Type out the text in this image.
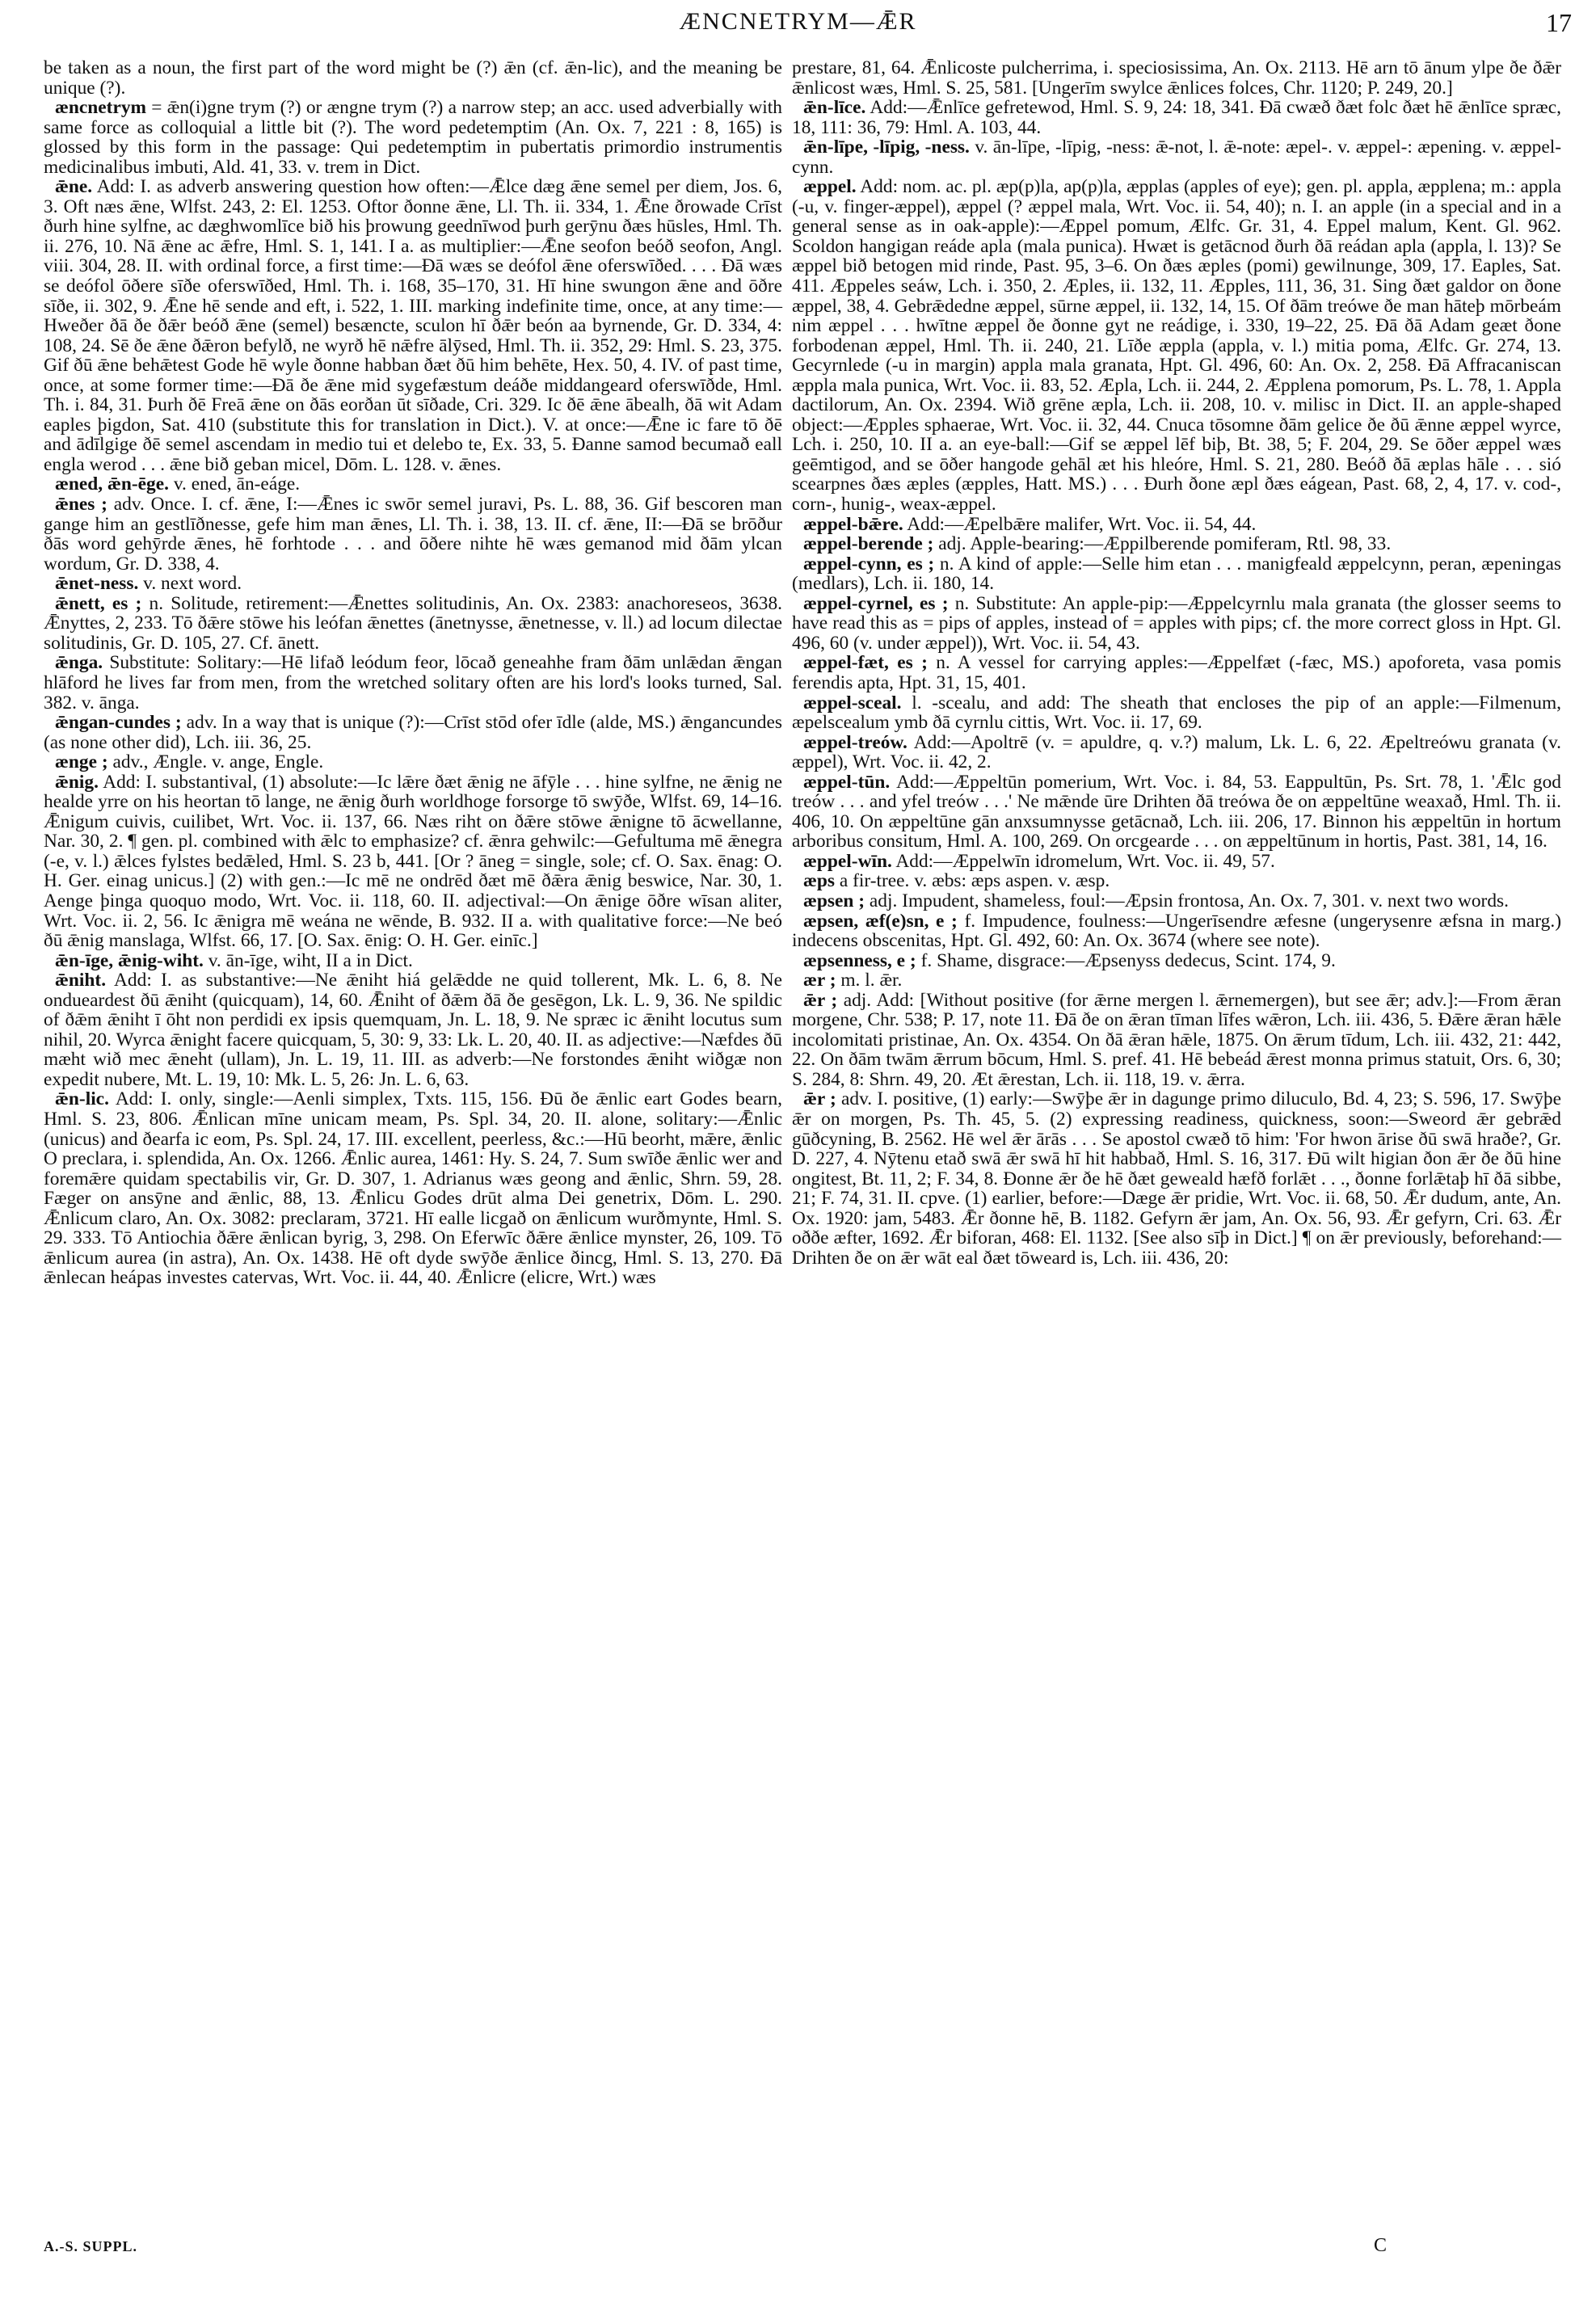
ÆNCNETRYM—ǢR	17

be taken as a noun, the first part of the word might be (?) ǣn (cf. ǣn-lic), and the meaning be unique (?).

æncnetrym = ǣn(i)gne trym (?) or ængne trym (?) a narrow step; an acc. used adverbially with same force as colloquial a little bit (?). The word pedetemptim (An. Ox. 7, 221 : 8, 165) is glossed by this form in the passage: Qui pedetemptim in pubertatis primordio instrumentis medicinalibus imbuti, Ald. 41, 33. v. trem in Dict.

ǣne. Add: I. as adverb answering question how often:—Ǣlce dæg ǣne semel per diem, Jos. 6, 3. Oft næs ǣne, Wlfst. 243, 2: El. 1253. Oftor ðonne ǣne, Ll. Th. ii. 334, 1. Ǣne ðrowade Crīst ðurh hine sylfne, ac dæghwomlīce bið his þrowung geednīwod þurh gerȳnu ðæs hūsles, Hml. Th. ii. 276, 10. Nā ǣne ac ǣfre, Hml. S. 1, 141. I a. as multiplier:—Ǣne seofon beóð seofon, Angl. viii. 304, 28. II. with ordinal force, a first time:—Ðā wæs se deófol ǣne oferswīðed. . . . Ðā wæs se deófol ōðere sīðe oferswīðed, Hml. Th. i. 168, 35–170, 31. Hī hine swungon ǣne and ōðre sīðe, ii. 302, 9. Ǣne hē sende and eft, i. 522, 1. III. marking indefinite time, once, at any time:—Hweðer ðā ðe ðǣr beóð ǣne (semel) besæncte, sculon hī ðǣr beón aa byrnende, Gr. D. 334, 4: 108, 24. Sē ðe ǣne ðǣron befylð, ne wyrð hē nǣfre ālȳsed, Hml. Th. ii. 352, 29: Hml. S. 23, 375. Gif ðū ǣne behǣtest Gode hē wyle ðonne habban ðæt ðū him behēte, Hex. 50, 4. IV. of past time, once, at some former time:—Ðā ðe ǣne mid sygefæstum deáðe middangeard oferswīðde, Hml. Th. i. 84, 31. Þurh ðē Freā ǣne on ðās eorðan ūt sīðade, Cri. 329. Ic ðē ǣne ābealh, ðā wit Adam eaples þigdon, Sat. 410 (substitute this for translation in Dict.). V. at once:—Ǣne ic fare tō ðē and ādīlgige ðē semel ascendam in medio tui et delebo te, Ex. 33, 5. Ðanne samod becumað eall engla werod . . . ǣne bið geban micel, Dōm. L. 128. v. ǣnes.

æned, ǣn-ēge. v. ened, ān-eáge.

ǣnes ; adv. Once. I. cf. ǣne, I:—Ǣnes ic swōr semel juravi, Ps. L. 88, 36. Gif bescoren man gange him an gestlīðnesse, gefe him man ǣnes, Ll. Th. i. 38, 13. II. cf. ǣne, II:—Ðā se brōður ðās word gehȳrde ǣnes, hē forhtode . . . and ōðere nihte hē wæs gemanod mid ðām ylcan wordum, Gr. D. 338, 4.

ǣnet-ness. v. next word.

ǣnett, es ; n. Solitude, retirement:—Ǣnettes solitudinis, An. Ox. 2383: anachoreseos, 3638. Ǣnyttes, 2, 233. Tō ðǣre stōwe his leófan ǣnettes (ānetnysse, ǣnetnesse, v. ll.) ad locum dilectae solitudinis, Gr. D. 105, 27. Cf. ānett.

ǣnga. Substitute: Solitary:—Hē lifað leódum feor, lōcað geneahhe fram ðām unlǣdan ǣngan hlāford he lives far from men, from the wretched solitary often are his lord's looks turned, Sal. 382. v. ānga.

ǣngan-cundes ; adv. In a way that is unique (?):—Crīst stōd ofer īdle (alde, MS.) ǣngancundes (as none other did), Lch. iii. 36, 25.

ænge ; adv., Ængle. v. ange, Engle.

ǣnig. Add: I. substantival, (1) absolute:—Ic lǣre ðæt ǣnig ne āfȳle . . . hine sylfne, ne ǣnig ne healde yrre on his heortan tō lange, ne ǣnig ðurh worldhoge forsorge tō swȳðe, Wlfst. 69, 14–16. Ǣnigum cuivis, cuilibet, Wrt. Voc. ii. 137, 66. Næs riht on ðǣre stōwe ǣnigne tō ācwellanne, Nar. 30, 2. ¶ gen. pl. combined with ǣlc to emphasize? cf. ǣnra gehwilc:—Gefultuma mē ǣnegra (-e, v. l.) ǣlces fylstes bedǣled, Hml. S. 23 b, 441. [Or ? āneg = single, sole; cf. O. Sax. ēnag: O. H. Ger. einag unicus.] (2) with gen.:—Ic mē ne ondrēd ðæt mē ðǣra ǣnig beswice, Nar. 30, 1. Aenge þinga quoquo modo, Wrt. Voc. ii. 118, 60. II. adjectival:—On ǣnige ōðre wīsan aliter, Wrt. Voc. ii. 2, 56. Ic ǣnigra mē weána ne wēnde, B. 932. II a. with qualitative force:—Ne beó ðū ǣnig manslaga, Wlfst. 66, 17. [O. Sax. ēnig: O. H. Ger. einīc.]

ǣn-īge, ǣnig-wiht. v. ān-īge, wiht, II a in Dict.

ǣniht. Add: I. as substantive:—Ne ǣniht hiá gelǣdde ne quid tollerent, Mk. L. 6, 8. Ne ondueardest ðū ǣniht (quicquam), 14, 60. Ǣniht of ðǣm ðā ðe gesēgon, Lk. L. 9, 36. Ne spildic of ðǣm ǣniht ī ōht non perdidi ex ipsis quemquam, Jn. L. 18, 9. Ne spræc ic ǣniht locutus sum nihil, 20. Wyrca ǣnight facere quicquam, 5, 30: 9, 33: Lk. L. 20, 40. II. as adjective:—Næfdes ðū mæht wið mec ǣneht (ullam), Jn. L. 19, 11. III. as adverb:—Ne forstondes ǣniht wiðgæ non expedit nubere, Mt. L. 19, 10: Mk. L. 5, 26: Jn. L. 6, 63.

ǣn-lic. Add: I. only, single:—Aenli simplex, Txts. 115, 156. Ðū ðe ǣnlic eart Godes bearn, Hml. S. 23, 806. Ǣnlican mīne unicam meam, Ps. Spl. 34, 20. II. alone, solitary:—Ǣnlic (unicus) and ðearfa ic eom, Ps. Spl. 24, 17. III. excellent, peerless, &c.:—Hū beorht, mǣre, ǣnlic O preclara, i. splendida, An. Ox. 1266. Ǣnlic aurea, 1461: Hy. S. 24, 7. Sum swīðe ǣnlic wer and foremǣre quidam spectabilis vir, Gr. D. 307, 1. Adrianus wæs geong and ǣnlic, Shrn. 59, 28. Fæger on ansȳne and ǣnlic, 88, 13. Ǣnlicu Godes drūt alma Dei genetrix, Dōm. L. 290. Ǣnlicum claro, An. Ox. 3082: preclaram, 3721. Hī ealle licgað on ǣnlicum wurðmynte, Hml. S. 29. 333. Tō Antiochia ðǣre ǣnlican byrig, 3, 298. On Eferwīc ðǣre ǣnlice mynster, 26, 109. Tō ǣnlicum aurea (in astra), An. Ox. 1438. Hē oft dyde swȳðe ǣnlice ðincg, Hml. S. 13, 270. Ðā ǣnlecan heápas investes catervas, Wrt. Voc. ii. 44, 40. Ǣnlicre (elicre, Wrt.) wæs

prestare, 81, 64. Ǣnlicoste pulcherrima, i. speciosissima, An. Ox. 2113. Hē arn tō ānum ylpe ðe ðǣr ǣnlicost wæs, Hml. S. 25, 581. [Ungerīm swylce ǣnlices folces, Chr. 1120; P. 249, 20.]

ǣn-līce. Add:—Ǣnlīce gefretewod, Hml. S. 9, 24: 18, 341. Ðā cwæð ðæt folc ðæt hē ǣnlīce spræc, 18, 111: 36, 79: Hml. A. 103, 44.

ǣn-līpe, -līpig, -ness. v. ān-līpe, -līpig, -ness: ǣ-not, l. ǣ-note: æpel-. v. æppel-: æpening. v. æppel-cynn.

æppel. Add: nom. ac. pl. æp(p)la, ap(p)la, æpplas (apples of eye); gen. pl. appla, æpplena; m.: appla (-u, v. finger-æppel), æppel (? æppel mala, Wrt. Voc. ii. 54, 40); n. I. an apple (in a special and in a general sense as in oak-apple):—Æppel pomum, Ælfc. Gr. 31, 4. Eppel malum, Kent. Gl. 962. Scoldon hangigan reáde apla (mala punica). Hwæt is getācnod ðurh ðā reádan apla (appla, l. 13)? Se æppel bið betogen mid rinde, Past. 95, 3–6. On ðæs æples (pomi) gewilnunge, 309, 17. Eaples, Sat. 411. Æppeles seáw, Lch. i. 350, 2. Æples, ii. 132, 11. Æpples, 111, 36, 31. Sing ðæt galdor on ðone æppel, 38, 4. Gebrǣdedne æppel, sūrne æppel, ii. 132, 14, 15. Of ðām treówe ðe man hāteþ mōrbeám nim æppel . . . hwītne æppel ðe ðonne gyt ne reádige, i. 330, 19–22, 25. Ðā ðā Adam geæt ðone forbodenan æppel, Hml. Th. ii. 240, 21. Līðe æppla (appla, v. l.) mitia poma, Ælfc. Gr. 274, 13. Gecyrnlede (-u in margin) appla mala granata, Hpt. Gl. 496, 60: An. Ox. 2, 258. Ðā Affracaniscan æppla mala punica, Wrt. Voc. ii. 83, 52. Æpla, Lch. ii. 244, 2. Æpplena pomorum, Ps. L. 78, 1. Appla dactilorum, An. Ox. 2394. Wið grēne æpla, Lch. ii. 208, 10. v. milisc in Dict. II. an apple-shaped object:—Æpples sphaerae, Wrt. Voc. ii. 32, 44. Cnuca tōsomne ðām gelice ðe ðū ǣnne æppel wyrce, Lch. i. 250, 10. II a. an eye-ball:—Gif se æppel lēf biþ, Bt. 38, 5; F. 204, 29. Se ōðer æppel wæs geēmtigod, and se ōðer hangode gehāl æt his hleóre, Hml. S. 21, 280. Beóð ðā æplas hāle . . . sió scearpnes ðæs æples (æpples, Hatt. MS.) . . . Ðurh ðone æpl ðæs eágean, Past. 68, 2, 4, 17. v. cod-, corn-, hunig-, weax-æppel.

æppel-bǣre. Add:—Æpelbǣre malifer, Wrt. Voc. ii. 54, 44.

æppel-berende ; adj. Apple-bearing:—Æppilberende pomiferam, Rtl. 98, 33.

æppel-cynn, es ; n. A kind of apple:—Selle him etan . . . manigfeald æppelcynn, peran, æpeningas (medlars), Lch. ii. 180, 14.

æppel-cyrnel, es ; n. Substitute: An apple-pip:—Æppelcyrnlu mala granata (the glosser seems to have read this as = pips of apples, instead of = apples with pips; cf. the more correct gloss in Hpt. Gl. 496, 60 (v. under æppel)), Wrt. Voc. ii. 54, 43.

æppel-fæt, es ; n. A vessel for carrying apples:—Æppelfæt (-fæc, MS.) apoforeta, vasa pomis ferendis apta, Hpt. 31, 15, 401.

æppel-sceal. l. -scealu, and add: The sheath that encloses the pip of an apple:—Filmenum, æpelscealum ymb ðā cyrnlu cittis, Wrt. Voc. ii. 17, 69.

æppel-treów. Add:—Apoltrē (v. = apuldre, q. v.?) malum, Lk. L. 6, 22. Æpeltreówu granata (v. æppel), Wrt. Voc. ii. 42, 2.

æppel-tūn. Add:—Æppeltūn pomerium, Wrt. Voc. i. 84, 53. Eappultūn, Ps. Srt. 78, 1. 'Ǣlc god treów . . . and yfel treów . . .' Ne mǣnde ūre Drihten ðā treówa ðe on æppeltūne weaxað, Hml. Th. ii. 406, 10. On æppeltūne gān anxsumnysse getācnað, Lch. iii. 206, 17. Binnon his æppeltūn in hortum arboribus consitum, Hml. A. 100, 269. On orcgearde . . . on æppeltūnum in hortis, Past. 381, 14, 16.

æppel-wīn. Add:—Æppelwīn idromelum, Wrt. Voc. ii. 49, 57.

æps a fir-tree. v. æbs: æps aspen. v. æsp.

æpsen ; adj. Impudent, shameless, foul:—Æpsin frontosa, An. Ox. 7, 301. v. next two words.

æpsen, æf(e)sn, e ; f. Impudence, foulness:—Ungerīsendre æfesne (ungerysenre æfsna in marg.) indecens obscenitas, Hpt. Gl. 492, 60: An. Ox. 3674 (where see note).

æpsenness, e ; f. Shame, disgrace:—Æpsenyss dedecus, Scint. 174, 9.

ær ; m. l. ǣr.

ǣr ; adj. Add: [Without positive (for ǣrne mergen l. ǣrnemergen), but see ǣr; adv.]:—From ǣran morgene, Chr. 538; P. 17, note 11. Ðā ðe on ǣran tīman līfes wǣron, Lch. iii. 436, 5. Ðǣre ǣran hǣle incolomitati pristinae, An. Ox. 4354. On ðā ǣran hǣle, 1875. On ǣrum tīdum, Lch. iii. 432, 21: 442, 22. On ðām twām ǣrrum bōcum, Hml. S. pref. 41. Hē bebeád ǣrest monna primus statuit, Ors. 6, 30; S. 284, 8: Shrn. 49, 20. Æt ǣrestan, Lch. ii. 118, 19. v. ǣrra.

ǣr ; adv. I. positive, (1) early:—Swȳþe ǣr in dagunge primo diluculo, Bd. 4, 23; S. 596, 17. Swȳþe ǣr on morgen, Ps. Th. 45, 5. (2) expressing readiness, quickness, soon:—Sweord ǣr gebrǣd gūðcyning, B. 2562. Hē wel ǣr ārās . . . Se apostol cwæð tō him: 'For hwon ārise ðū swā hraðe?, Gr. D. 227, 4. Nȳtenu etað swā ǣr swā hī hit habbað, Hml. S. 16, 317. Ðū wilt higian ðon ǣr ðe ðū hine ongitest, Bt. 11, 2; F. 34, 8. Ðonne ǣr ðe hē ðæt geweald hæfð forlǣt . . ., ðonne forlǣtaþ hī ðā sibbe, 21; F. 74, 31. II. cpve. (1) earlier, before:—Dæge ǣr pridie, Wrt. Voc. ii. 68, 50. Ǣr dudum, ante, An. Ox. 1920: jam, 5483. Ǣr ðonne hē, B. 1182. Gefyrn ǣr jam, An. Ox. 56, 93. Ǣr gefyrn, Cri. 63. Ǣr oððe æfter, 1692. Ǣr biforan, 468: El. 1132. [See also sīþ in Dict.] ¶ on ǣr previously, beforehand:—Drihten ðe on ǣr wāt eal ðæt tōweard is, Lch. iii. 436, 20:

A.-S. SUPPL.	C
